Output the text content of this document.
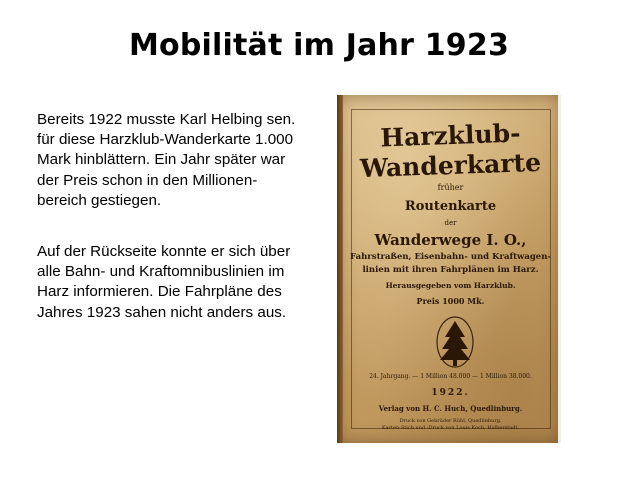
Mobilität im Jahr 1923
Bereits 1922 musste Karl Helbing sen.
für diese Harzklub-Wanderkarte 1.000
Mark hinblättern. Ein Jahr später war
der Preis schon in den Millionen-
bereich gestiegen.
Auf der Rückseite konnte er sich über
alle Bahn- und Kraftomnibuslinien im
Harz informieren. Die Fahrpläne des
Jahres 1923 sahen nicht anders aus.
Harzklub-
Wanderkarte
früher
Routenkarte
der
Wanderwege I. O.,
Fahrstraßen, Eisenbahn- und Kraftwagen-
linien mit ihren Fahrplänen im Harz.
Herausgegeben vom Harzklub.
Preis 1000 Mk.
24. Jahrgang. — 1 Million 48.000 — 1 Million 38.000.
1922.
Verlag von H. C. Huch, Quedlinburg.
Druck von Gebrüder Rühl, Quedlinburg.
Karten-Stich und -Druck von Louis Koch, Halberstadt.
